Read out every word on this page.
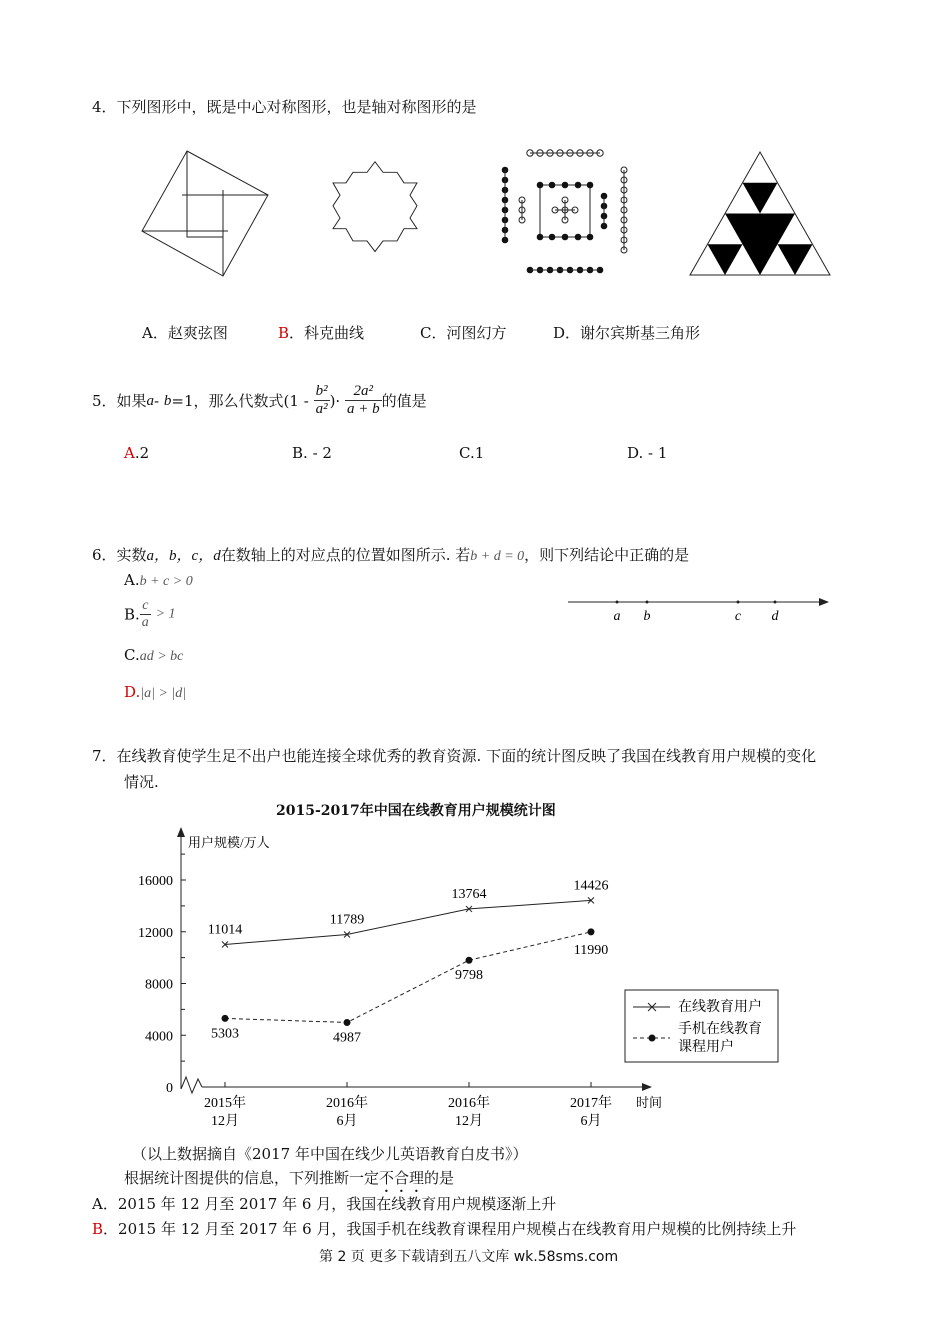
4．下列图形中，既是中心对称图形，也是轴对称图形的是
A．赵爽弦图	B．科克曲线	C．河图幻方	D．谢尔宾斯基三角形
5．如果a- b=1，那么代数式($1 - \frac{\text{b²}}{\text{a²}}$ )· $\frac{\text{2a²}}{a + b}$ 的值是
A.2	B. - 2	C.1	D. - 1
6．实数a，b，c，d在数轴上的对应点的位置如图所示. 若b + d = 0，则下列结论中正确的是
A.b + c > 0
B. $\frac{c}{a} > 1$
C.ad > bc
D.|a| > |d|
a b	c d
7．在线教育使学生足不出户也能连接全球优秀的教育资源. 下面的统计图反映了我国在线教育用户规模的变化
情况.
2015-2017年中国在线教育用户规模统计图
用户规模/万人
时间
在线教育用户
手机在线教育
课程用户
0
4000
8000
12000
16000
2015年
12月
2016年
6月
2016年
12月
2017年
6月
11014
11789
13764
14426
5303	4987
9798
11990
（以上数据摘自《2017 年中国在线少儿英语教育白皮书》）
根据统计图提供的信息，下列推断一定不合理的是
A．2015 年 12 月至 2017 年 6 月，我国在线教育用户规模逐渐上升
B．2015 年 12 月至 2017 年 6 月，我国手机在线教育课程用户规模占在线教育用户规模的比例持续上升
第 2 页 更多下载请到五八文库 wk.58sms.com
